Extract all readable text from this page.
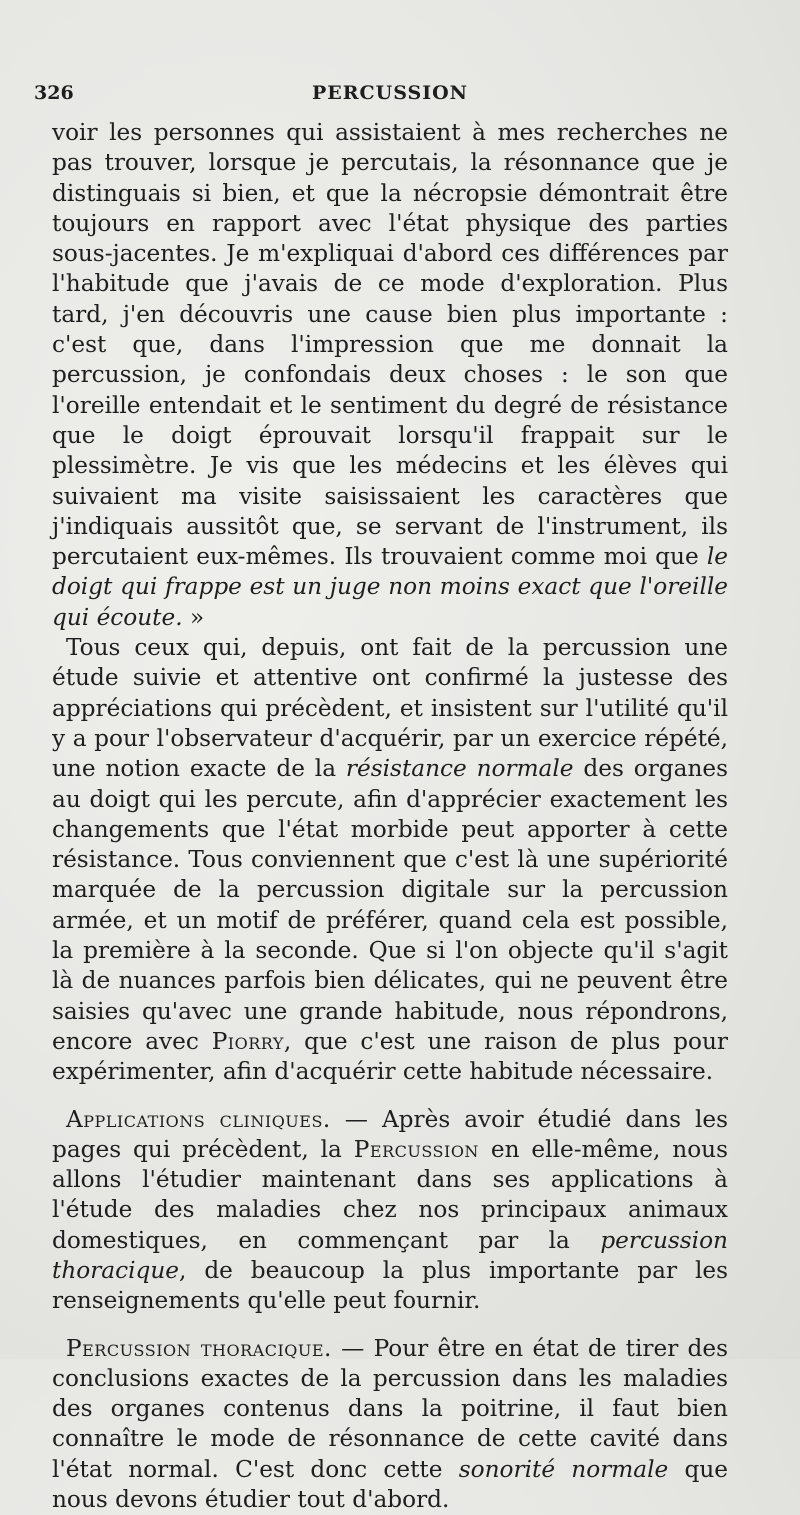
326	PERCUSSION

voir les personnes qui assistaient à mes recherches ne pas trouver, lorsque je percutais, la résonnance que je distinguais si bien, et que la nécropsie démontrait être toujours en rapport avec l'état physique des parties sous-jacentes. Je m'expliquai d'abord ces différences par l'habitude que j'avais de ce mode d'exploration. Plus tard, j'en découvris une cause bien plus importante : c'est que, dans l'impression que me donnait la percussion, je confondais deux choses : le son que l'oreille entendait et le sentiment du degré de résistance que le doigt éprouvait lorsqu'il frappait sur le plessimètre. Je vis que les médecins et les élèves qui suivaient ma visite saisissaient les caractères que j'indiquais aussitôt que, se servant de l'instrument, ils percutaient eux-mêmes. Ils trouvaient comme moi que le doigt qui frappe est un juge non moins exact que l'oreille qui écoute. »

Tous ceux qui, depuis, ont fait de la percussion une étude suivie et attentive ont confirmé la justesse des appréciations qui précèdent, et insistent sur l'utilité qu'il y a pour l'observateur d'acquérir, par un exercice répété, une notion exacte de la résistance normale des organes au doigt qui les percute, afin d'apprécier exactement les changements que l'état morbide peut apporter à cette résistance. Tous conviennent que c'est là une supériorité marquée de la percussion digitale sur la percussion armée, et un motif de préférer, quand cela est possible, la première à la seconde. Que si l'on objecte qu'il s'agit là de nuances parfois bien délicates, qui ne peuvent être saisies qu'avec une grande habitude, nous répondrons, encore avec Piorry, que c'est une raison de plus pour expérimenter, afin d'acquérir cette habitude nécessaire.

Applications cliniques. — Après avoir étudié dans les pages qui précèdent, la Percussion en elle-même, nous allons l'étudier maintenant dans ses applications à l'étude des maladies chez nos principaux animaux domestiques, en commençant par la percussion thoracique, de beaucoup la plus importante par les renseignements qu'elle peut fournir.

Percussion thoracique. — Pour être en état de tirer des conclusions exactes de la percussion dans les maladies des organes contenus dans la poitrine, il faut bien connaître le mode de résonnance de cette cavité dans l'état normal. C'est donc cette sonorité normale que nous devons étudier tout d'abord.
